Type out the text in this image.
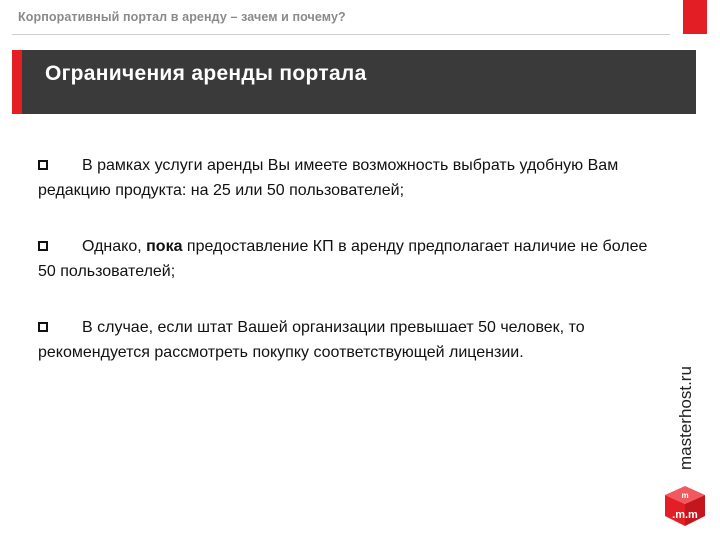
Корпоративный портал в аренду – зачем и почему?
Ограничения аренды портала

В рамках услуги аренды Вы имеете возможность выбрать удобную Вам редакцию продукта: на 25 или 50 пользователей;

Однако, пока предоставление КП в аренду предполагает наличие не более 50 пользователей;

В случае, если штат Вашей организации превышает 50 человек, то рекомендуется рассмотреть покупку соответствующей лицензии.

masterhost.ru
m
.m.m
